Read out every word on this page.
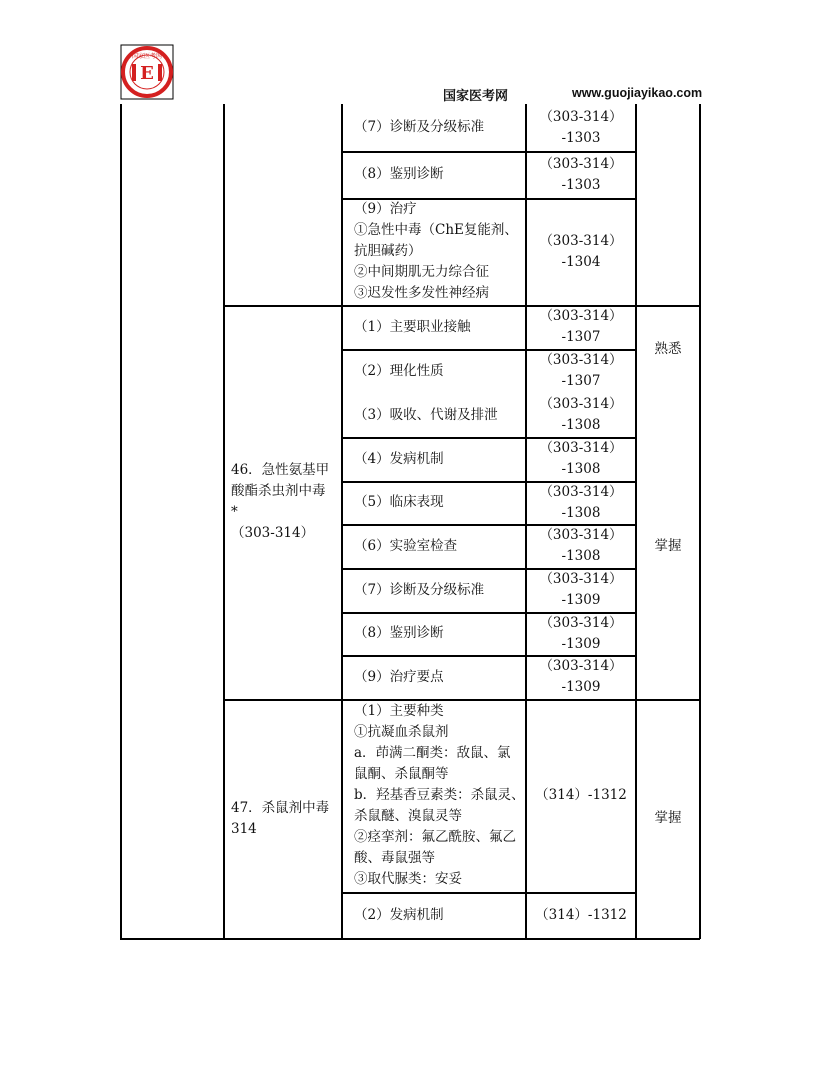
国家医考网
E
国家医考网	www.guojiayikao.com
（7）诊断及分级标准
（303-314）
-1303
（8）鉴别诊断
（303-314）
-1303
（9）治疗
①急性中毒（ChE复能剂、
抗胆碱药）
②中间期肌无力综合征
③迟发性多发性神经病
（303-314）
-1304
46．急性氨基甲
酸酯杀虫剂中毒
*
（303-314）
（1）主要职业接触
（303-314）
-1307
（2）理化性质
（303-314）
-1307
（3）吸收、代谢及排泄
（303-314）
-1308
（4）发病机制
（303-314）
-1308
（5）临床表现
（303-314）
-1308
（6）实验室检查
（303-314）
-1308
（7）诊断及分级标准
（303-314）
-1309
（8）鉴别诊断
（303-314）
-1309
（9）治疗要点
（303-314）
-1309
熟悉
掌握
47．杀鼠剂中毒
314
（1）主要种类
①抗凝血杀鼠剂
a．茚满二酮类：敌鼠、氯
鼠酮、杀鼠酮等
b．羟基香豆素类：杀鼠灵、
杀鼠醚、溴鼠灵等
②痉挛剂：氟乙酰胺、氟乙
酸、毒鼠强等
③取代脲类：安妥
（314）-1312
（2）发病机制	（314）-1312
掌握
